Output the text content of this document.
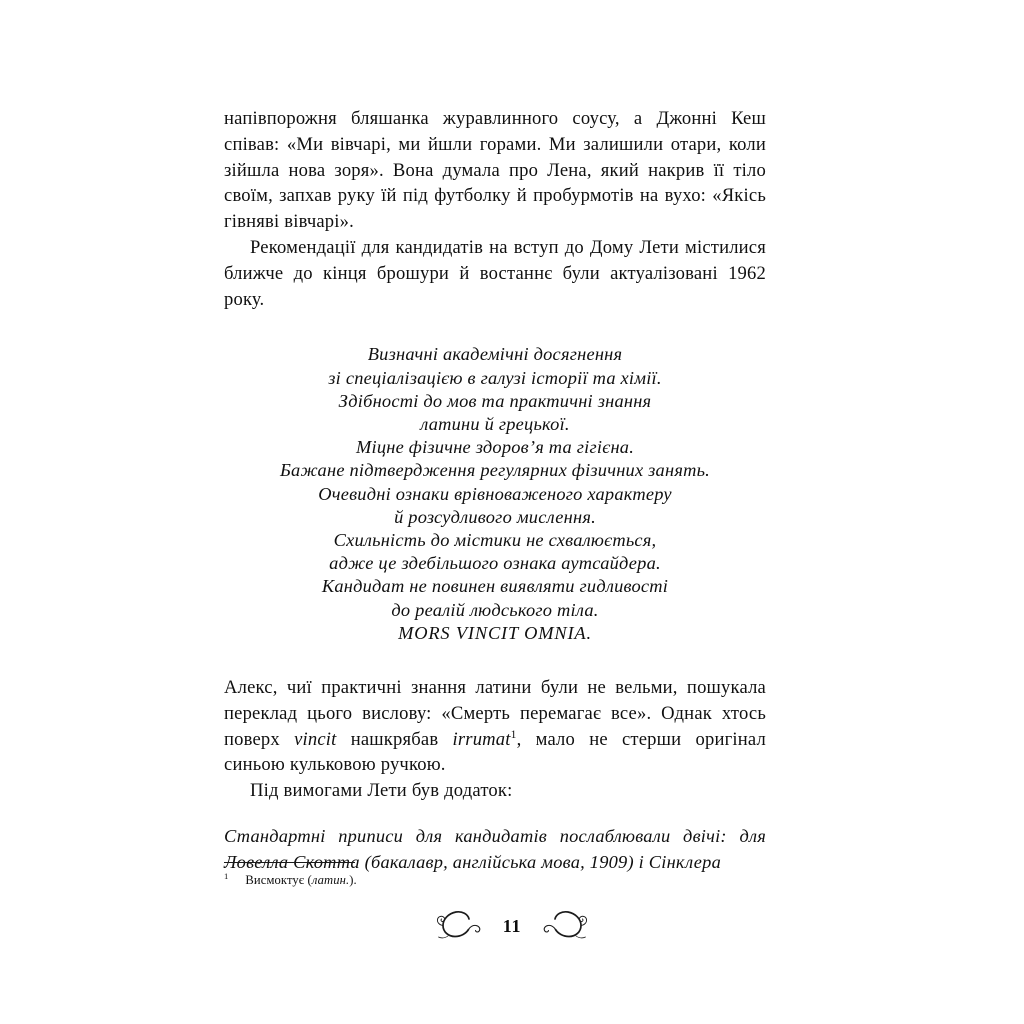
напівпорожня бляшанка журавлинного соусу, а Джонні Кеш співав: «Ми вівчарі, ми йшли горами. Ми залишили отари, коли зійшла нова зоря». Вона думала про Лена, який накрив її тіло своїм, запхав руку їй під футболку й пробурмотів на вухо: «Якісь гівняві вівчарі».

Рекомендації для кандидатів на вступ до Дому Лети містилися ближче до кінця брошури й востаннє були актуалізовані 1962 року.

Визначні академічні досягнення
зі спеціалізацією в галузі історії та хімії.
Здібності до мов та практичні знання
латини й грецької.
Міцне фізичне здоров’я та гігієна.
Бажане підтвердження регулярних фізичних занять.
Очевидні ознаки врівноваженого характеру
й розсудливого мислення.
Схильність до містики не схвалюється,
адже це здебільшого ознака аутсайдера.
Кандидат не повинен виявляти гидливості
до реалій людського тіла.
MORS VINCIT OMNIA.

Алекс, чиї практичні знання латини були не вельми, пошукала переклад цього вислову: «Смерть перемагає все». Однак хтось поверх vincit нашкрябав irrumat$^1$, мало не стерши оригінал синьою кульковою ручкою.

Під вимогами Лети був додаток:

Стандартні приписи для кандидатів послаблювали двічі: для Ловелла Скотта (бакалавр, англійська мова, 1909) і Сінклера

$^1$ Висмоктує (латин.).
11
